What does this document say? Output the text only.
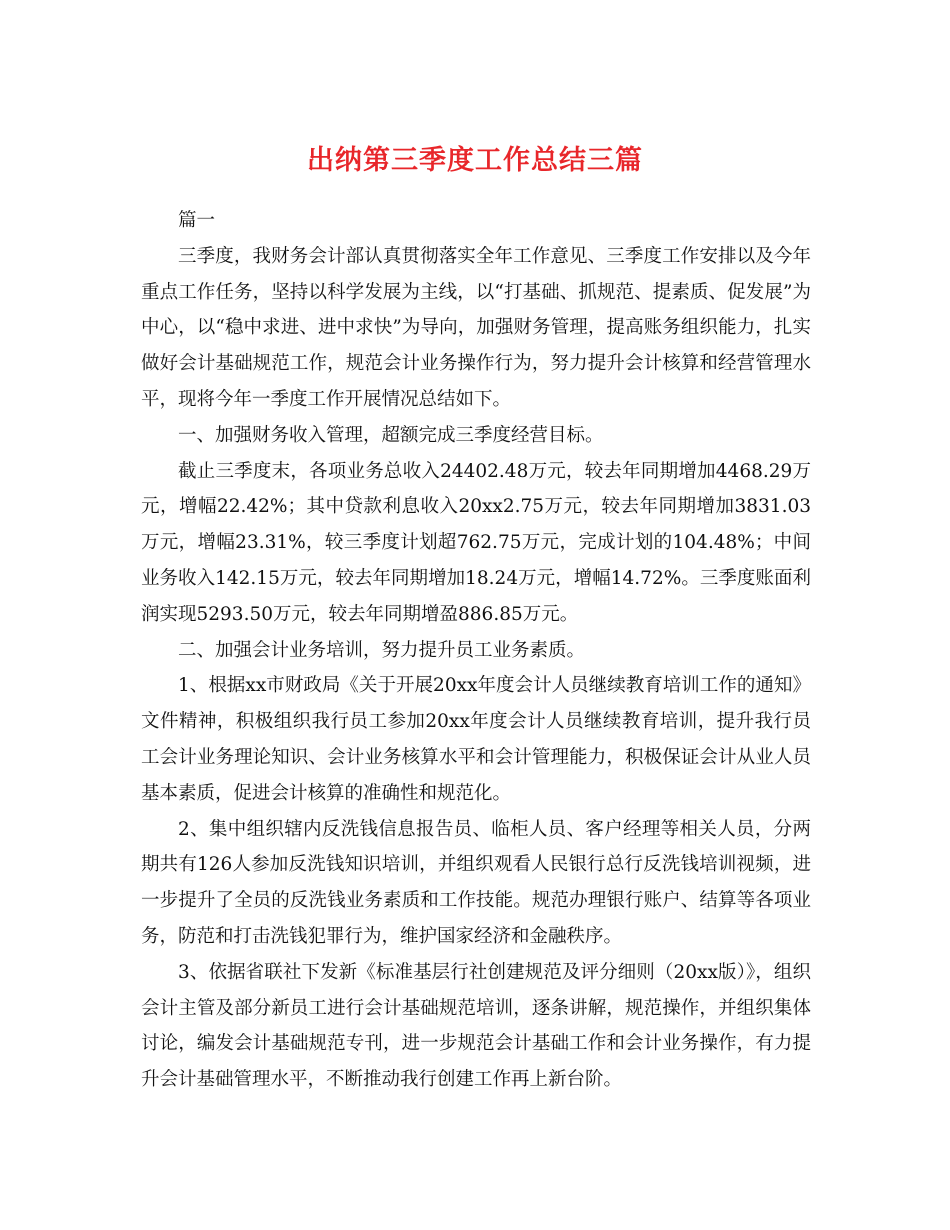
出纳第三季度工作总结三篇

篇一

三季度，我财务会计部认真贯彻落实全年工作意见、三季度工作安排以及今年重点工作任务，坚持以科学发展为主线，以“打基础、抓规范、提素质、促发展”为中心，以“稳中求进、进中求快”为导向，加强财务管理，提高账务组织能力，扎实做好会计基础规范工作，规范会计业务操作行为，努力提升会计核算和经营管理水平，现将今年一季度工作开展情况总结如下。

一、加强财务收入管理，超额完成三季度经营目标。

截止三季度末，各项业务总收入24402.48万元，较去年同期增加4468.29万元，增幅22.42%；其中贷款利息收入20xx2.75万元，较去年同期增加3831.03万元，增幅23.31%，较三季度计划超762.75万元，完成计划的104.48%；中间业务收入142.15万元，较去年同期增加18.24万元，增幅14.72%。三季度账面利润实现5293.50万元，较去年同期增盈886.85万元。

二、加强会计业务培训，努力提升员工业务素质。

1、根据xx市财政局《关于开展20xx年度会计人员继续教育培训工作的通知》文件精神，积极组织我行员工参加20xx年度会计人员继续教育培训，提升我行员工会计业务理论知识、会计业务核算水平和会计管理能力，积极保证会计从业人员基本素质，促进会计核算的准确性和规范化。

2、集中组织辖内反洗钱信息报告员、临柜人员、客户经理等相关人员，分两期共有126人参加反洗钱知识培训，并组织观看人民银行总行反洗钱培训视频，进一步提升了全员的反洗钱业务素质和工作技能。规范办理银行账户、结算等各项业务，防范和打击洗钱犯罪行为，维护国家经济和金融秩序。

3、依据省联社下发新《标准基层行社创建规范及评分细则（20xx版）》，组织会计主管及部分新员工进行会计基础规范培训，逐条讲解，规范操作，并组织集体讨论，编发会计基础规范专刊，进一步规范会计基础工作和会计业务操作，有力提升会计基础管理水平，不断推动我行创建工作再上新台阶。
